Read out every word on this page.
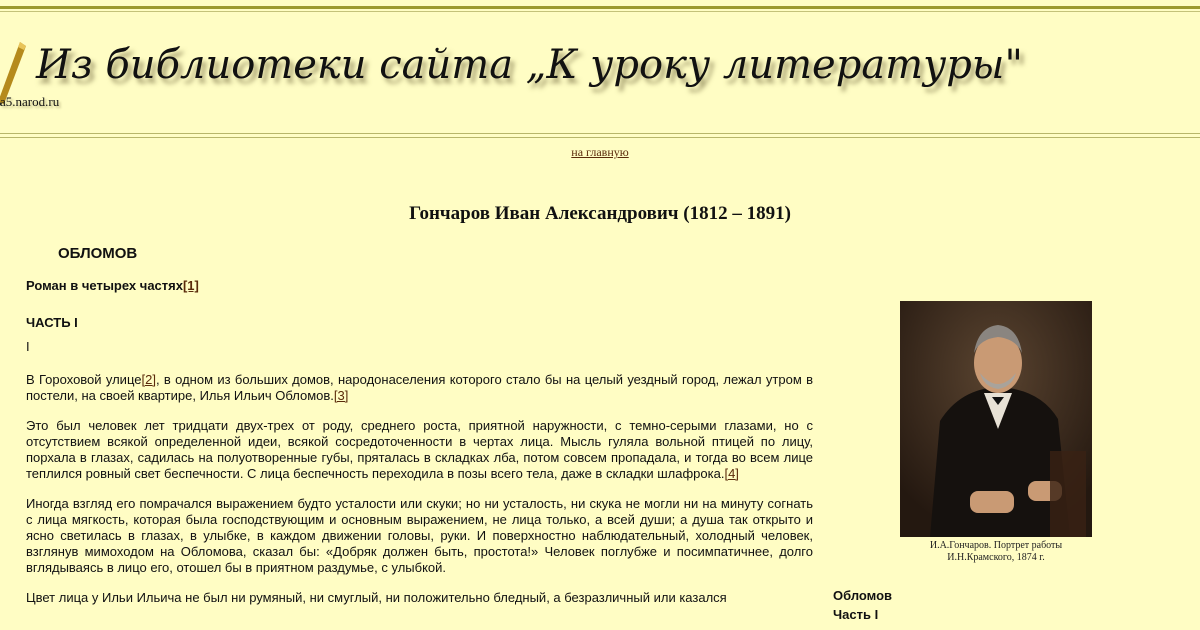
Из библиотеки сайта „К уроку литературы"
a5.narod.ru
на главную
Гончаров Иван Александрович (1812 – 1891)
ОБЛОМОВ
Роман в четырех частях[1]
ЧАСТЬ I
I

В Гороховой улице[2], в одном из больших домов, народонаселения которого стало бы на целый уездный город, лежал утром в постели, на своей квартире, Илья Ильич Обломов.[3]

Это был человек лет тридцати двух-трех от роду, среднего роста, приятной наружности, с темно-серыми глазами, но с отсутствием всякой определенной идеи, всякой сосредоточенности в чертах лица. Мысль гуляла вольной птицей по лицу, порхала в глазах, садилась на полуотворенные губы, пряталась в складках лба, потом совсем пропадала, и тогда во всем лице теплился ровный свет беспечности. С лица беспечность переходила в позы всего тела, даже в складки шлафрока.[4]

Иногда взгляд его помрачался выражением будто усталости или скуки; но ни усталость, ни скука не могли ни на минуту согнать с лица мягкость, которая была господствующим и основным выражением, не лица только, а всей души; а душа так открыто и ясно светилась в глазах, в улыбке, в каждом движении головы, руки. И поверхностно наблюдательный, холодный человек, взглянув мимоходом на Обломова, сказал бы: «Добряк должен быть, простота!» Человек поглубже и посимпатичнее, долго вглядываясь в лицо его, отошел бы в приятном раздумье, с улыбкой.

Цвет лица у Ильи Ильича не был ни румяный, ни смуглый, ни положительно бледный, а безразличный или казался

И.А.Гончаров. Портрет работы
И.Н.Крамского, 1874 г.
Обломов
Часть I
